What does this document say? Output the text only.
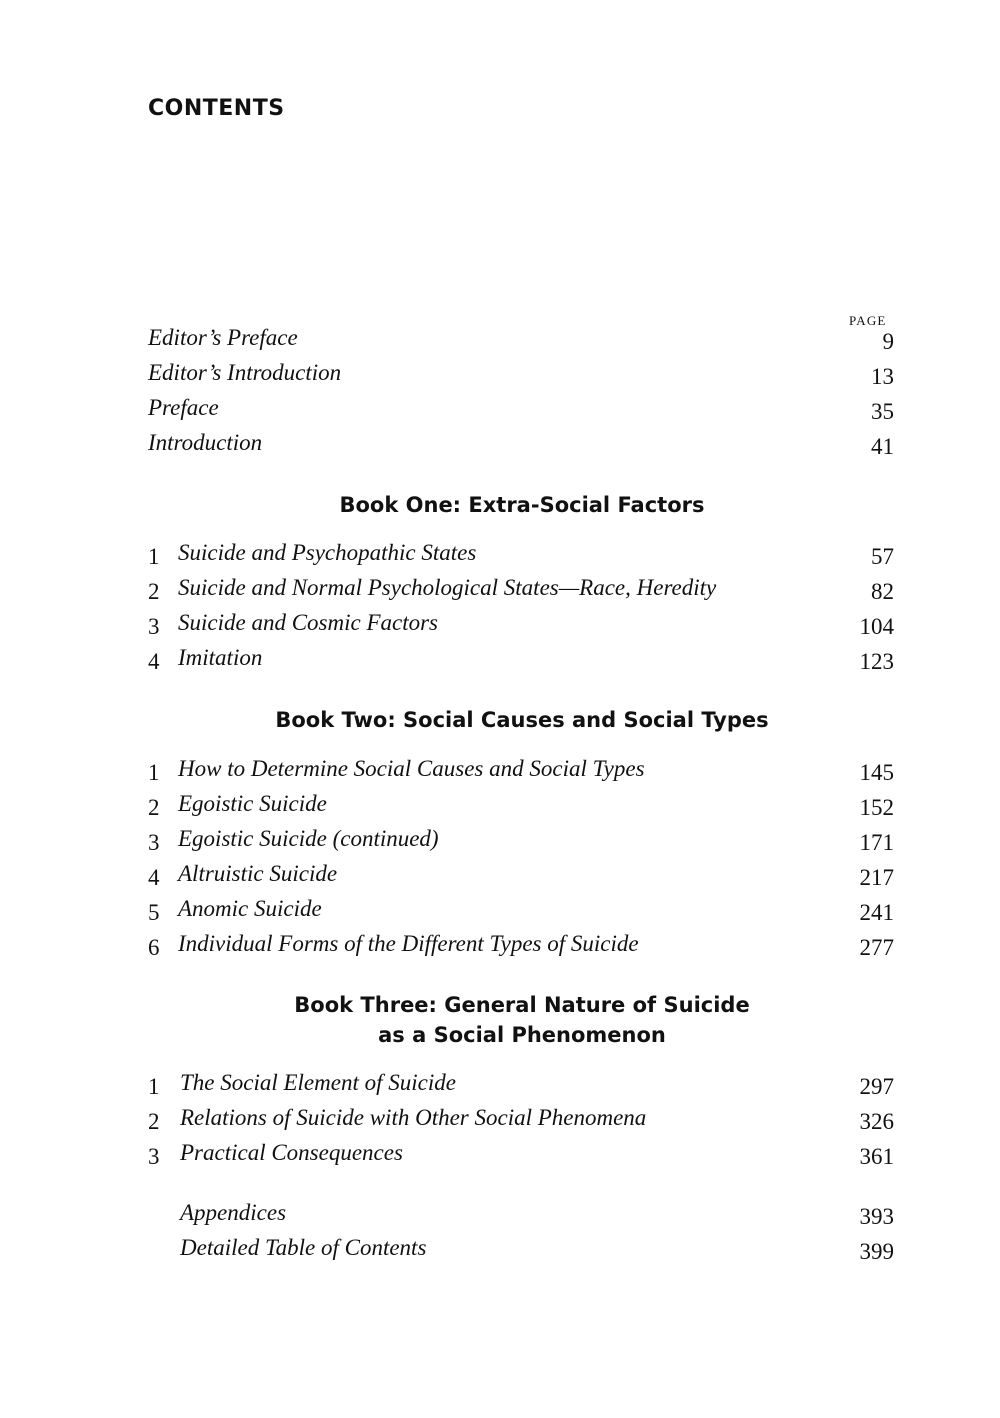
CONTENTS
PAGE
Editor’s Preface	9
Editor’s Introduction	13
Preface	35
Introduction	41
Book One: Extra-Social Factors
1 Suicide and Psychopathic States	57
2 Suicide and Normal Psychological States—Race, Heredity	82
3 Suicide and Cosmic Factors	104
4 Imitation	123
Book Two: Social Causes and Social Types
1 How to Determine Social Causes and Social Types	145
2 Egoistic Suicide	152
3 Egoistic Suicide (continued)	171
4 Altruistic Suicide	217
5 Anomic Suicide	241
6 Individual Forms of the Different Types of Suicide	277
Book Three: General Nature of Suicide
as a Social Phenomenon
1 The Social Element of Suicide	297
2 Relations of Suicide with Other Social Phenomena	326
3 Practical Consequences	361
Appendices	393
Detailed Table of Contents	399
